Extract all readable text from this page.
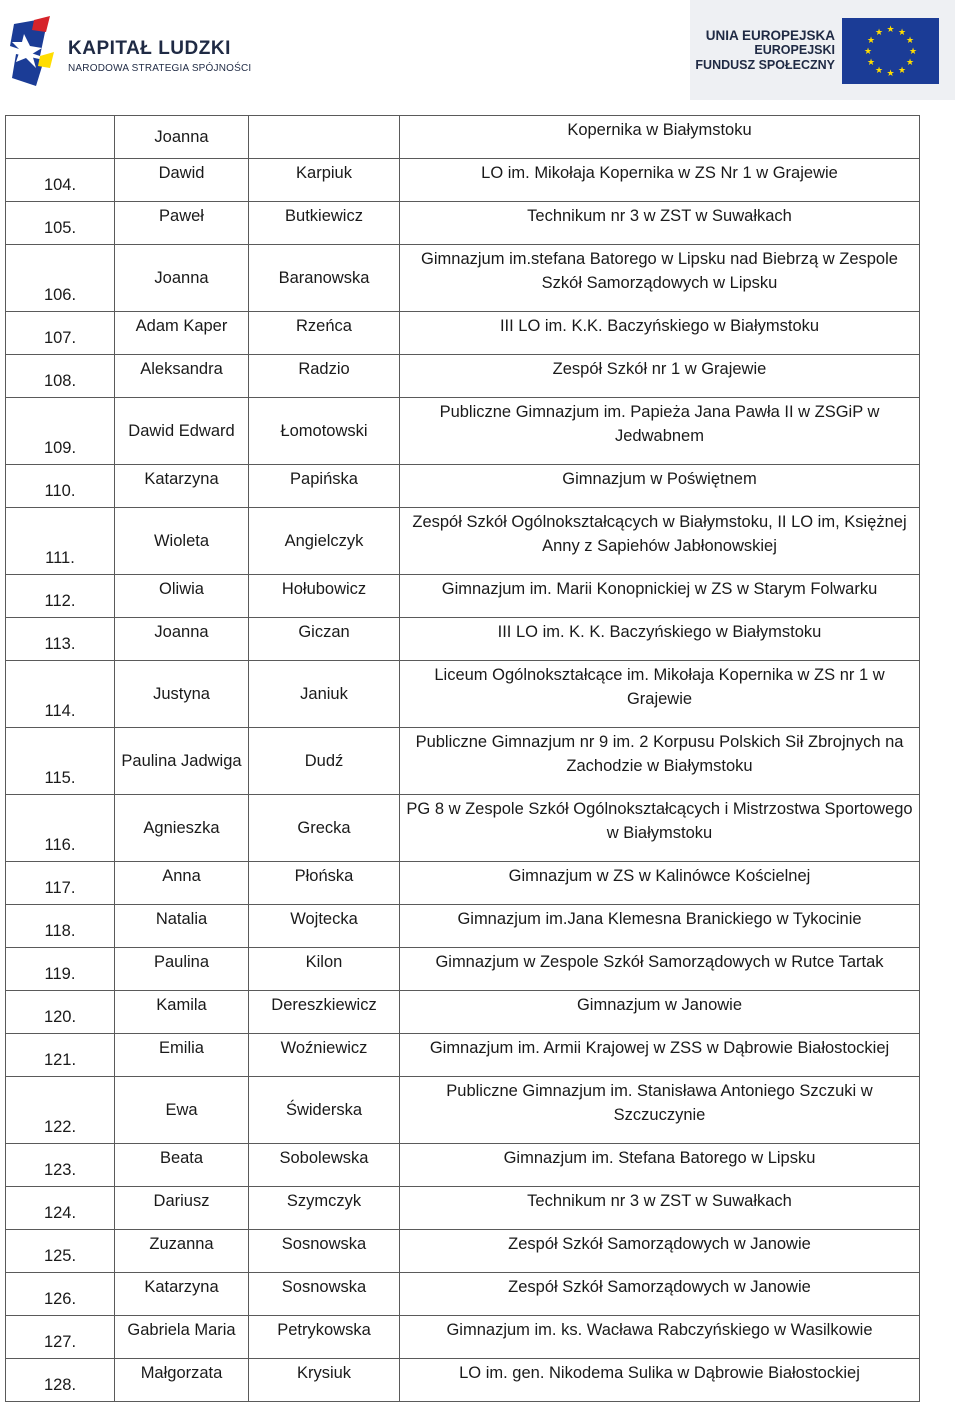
KAPITAŁ LUDZKI
NARODOWA STRATEGIA SPÓJNOŚCI
UNIA EUROPEJSKA
EUROPEJSKI
FUNDUSZ SPOŁECZNY
★ ★
★
★
★
★
★
★
★
★
★
★
	Joanna		Kopernika w Białymstoku
104.	Dawid	Karpiuk	LO im. Mikołaja Kopernika w ZS Nr 1 w Grajewie
105.	Paweł	Butkiewicz	Technikum nr 3 w ZST w Suwałkach
106.	Joanna	Baranowska	Gimnazjum im.stefana Batorego w Lipsku nad Biebrzą w Zespole Szkół Samorządowych w Lipsku
107.	Adam Kaper	Rzeńca	III LO im. K.K. Baczyńskiego w Białymstoku
108.	Aleksandra	Radzio	Zespół Szkół nr 1 w Grajewie
109.	Dawid Edward	Łomotowski	Publiczne Gimnazjum im. Papieża Jana Pawła II w ZSGiP w Jedwabnem
110.	Katarzyna	Papińska	Gimnazjum w Poświętnem
111.	Wioleta	Angielczyk	Zespół Szkół Ogólnokształcących w Białymstoku, II LO im, Księżnej Anny z Sapiehów Jabłonowskiej
112.	Oliwia	Hołubowicz	Gimnazjum im. Marii Konopnickiej w ZS w Starym Folwarku
113.	Joanna	Giczan	III LO im. K. K. Baczyńskiego w Białymstoku
114.	Justyna	Janiuk	Liceum Ogólnokształcące im. Mikołaja Kopernika w ZS nr 1 w Grajewie
115.	Paulina Jadwiga	Dudź	Publiczne Gimnazjum nr 9 im. 2 Korpusu Polskich Sił Zbrojnych na Zachodzie w Białymstoku
116.	Agnieszka	Grecka	PG 8 w Zespole Szkół Ogólnokształcących i Mistrzostwa Sportowego w Białymstoku
117.	Anna	Płońska	Gimnazjum w ZS w Kalinówce Kościelnej
118.	Natalia	Wojtecka	Gimnazjum im.Jana Klemesna Branickiego w Tykocinie
119.	Paulina	Kilon	Gimnazjum w Zespole Szkół Samorządowych w Rutce Tartak
120.	Kamila	Dereszkiewicz	Gimnazjum w Janowie
121.	Emilia	Woźniewicz	Gimnazjum im. Armii Krajowej w ZSS w Dąbrowie Białostockiej
122.	Ewa	Świderska	Publiczne Gimnazjum im. Stanisława Antoniego Szczuki w Szczuczynie
123.	Beata	Sobolewska	Gimnazjum im. Stefana Batorego w Lipsku
124.	Dariusz	Szymczyk	Technikum nr 3 w ZST w Suwałkach
125.	Zuzanna	Sosnowska	Zespół Szkół Samorządowych w Janowie
126.	Katarzyna	Sosnowska	Zespół Szkół Samorządowych w Janowie
127.	Gabriela Maria	Petrykowska	Gimnazjum im. ks. Wacława Rabczyńskiego w Wasilkowie
128.	Małgorzata	Krysiuk	LO im. gen. Nikodema Sulika w Dąbrowie Białostockiej
